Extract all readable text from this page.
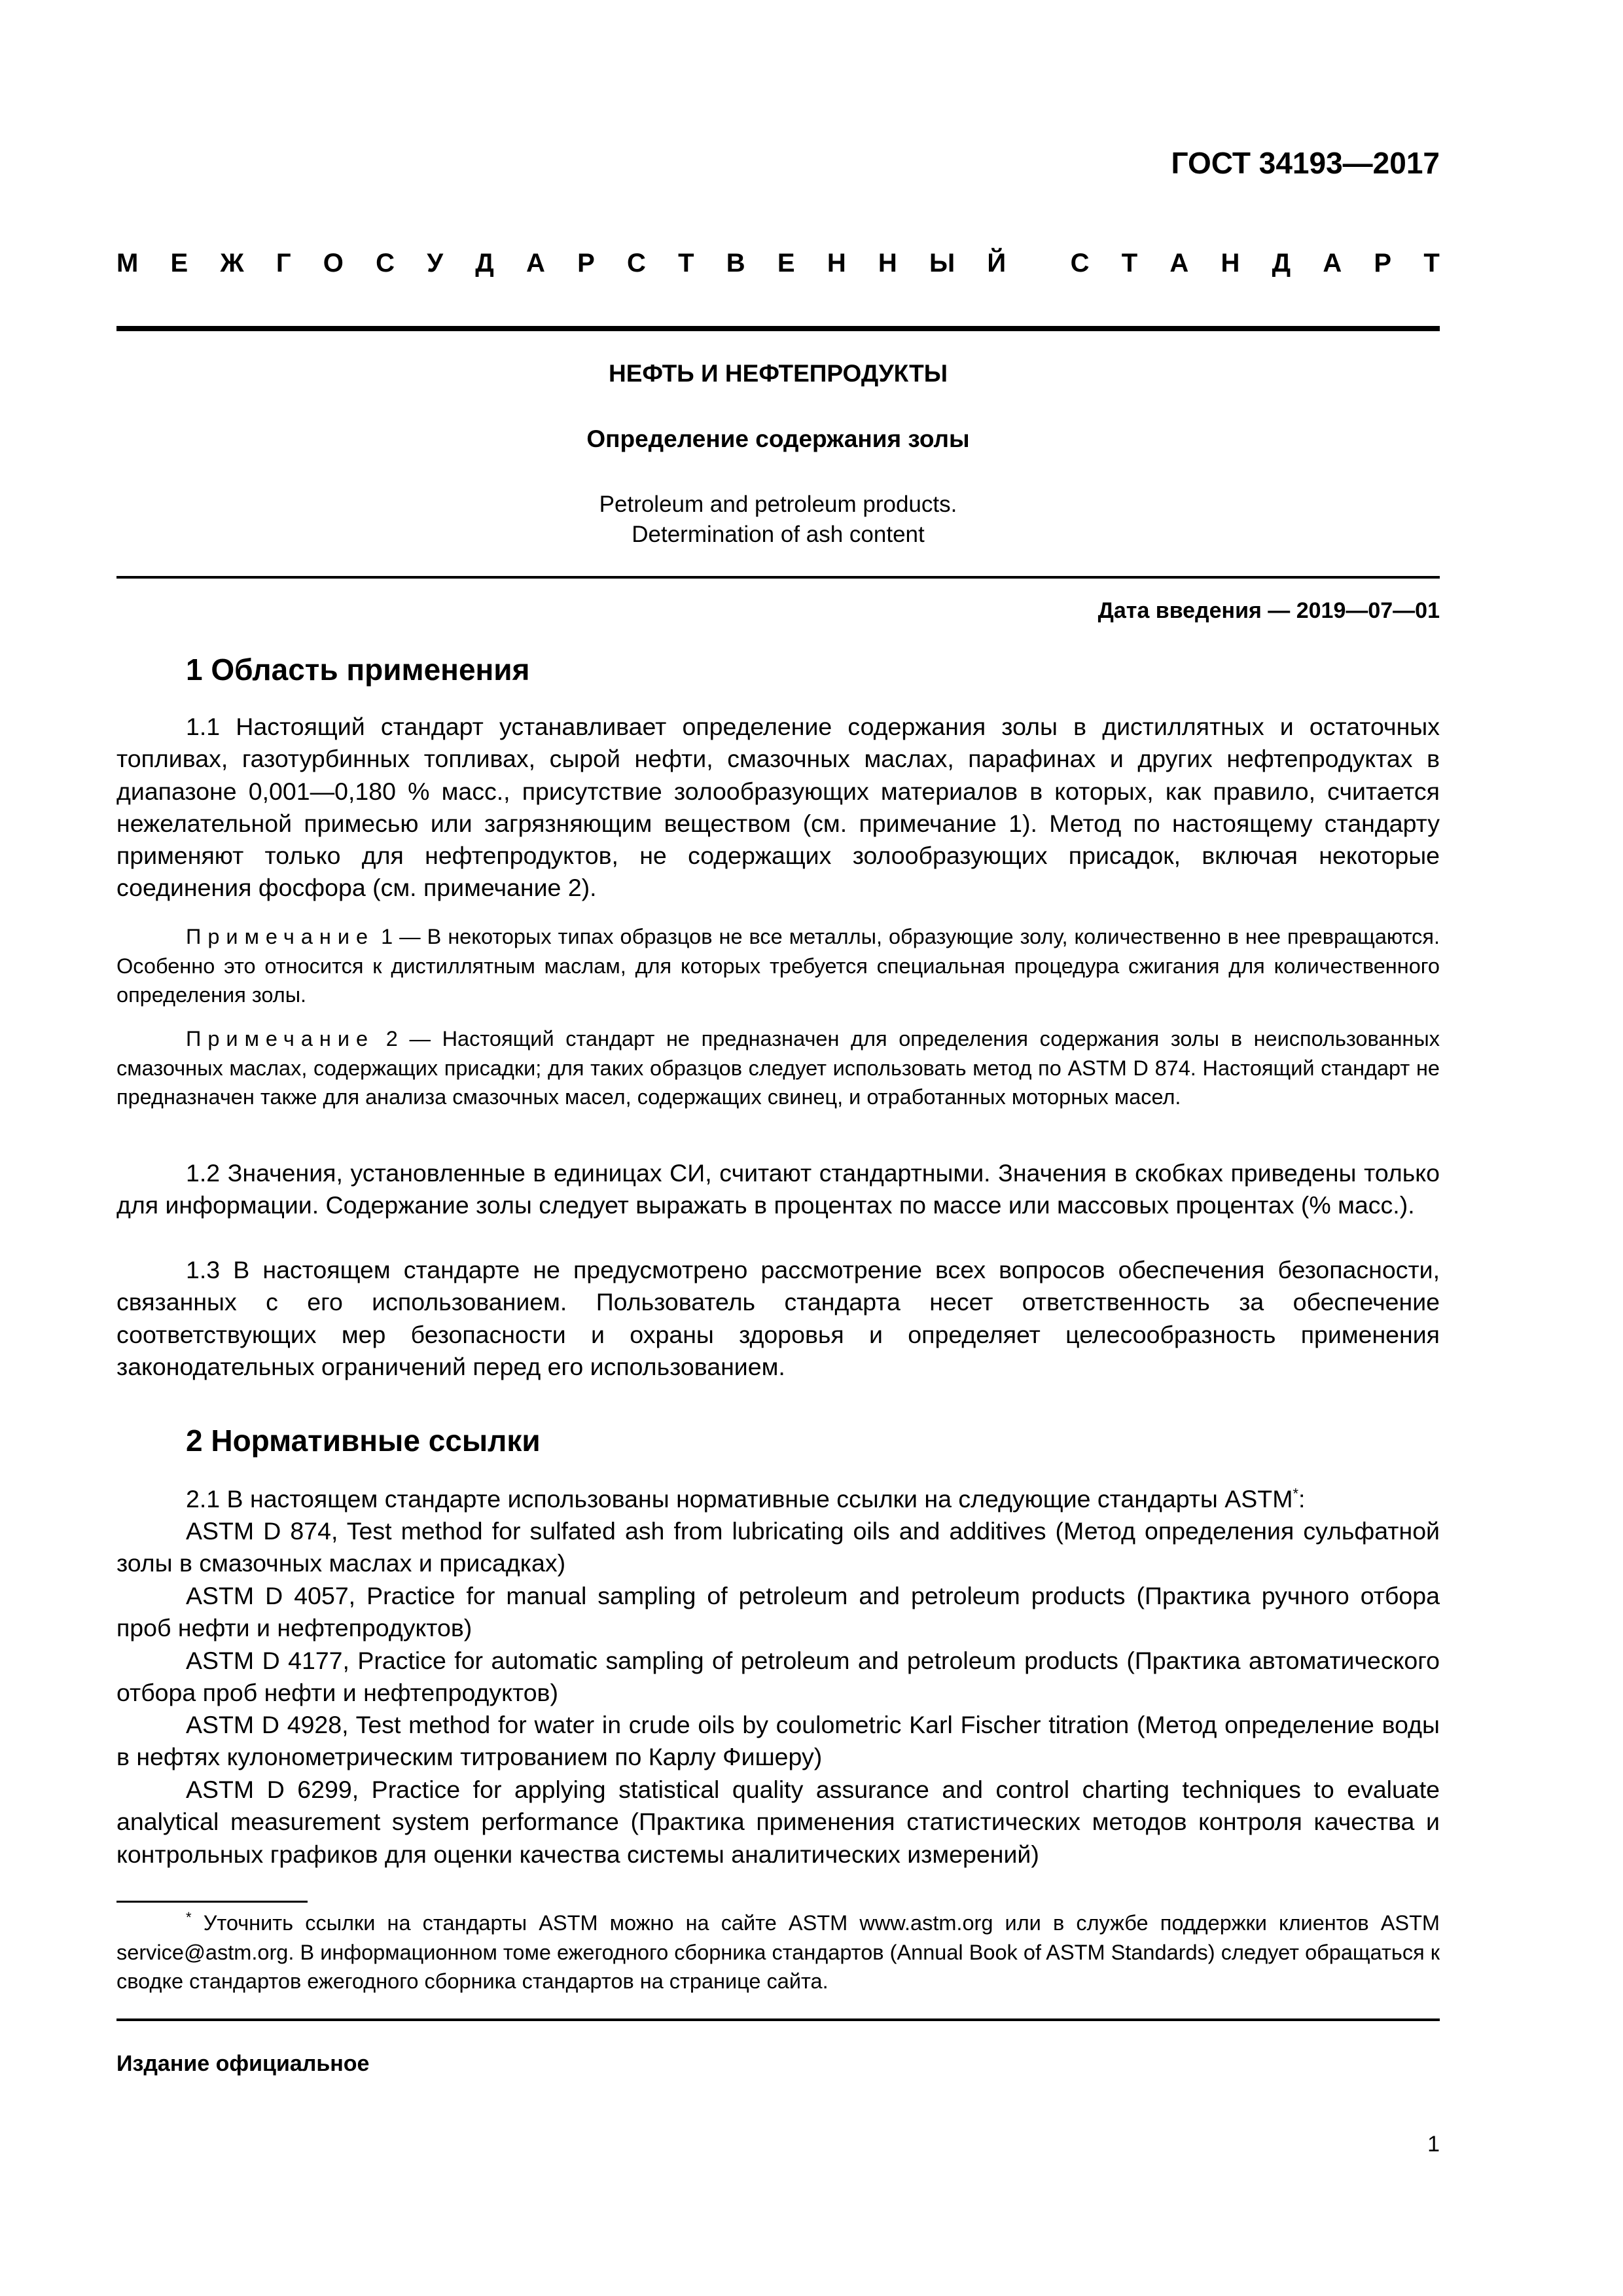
ГОСТ 34193—2017
М Е Ж Г О С У Д А Р С Т В Е Н Н Ы Й С Т А Н Д А Р Т
НЕФТЬ И НЕФТЕПРОДУКТЫ
Определение содержания золы
Petroleum and petroleum products.
Determination of ash content
Дата введения — 2019—07—01
1 Область применения

1.1 Настоящий стандарт устанавливает определение содержания золы в дистиллятных и остаточных топливах, газотурбинных топливах, сырой нефти, смазочных маслах, парафинах и других нефтепродуктах в диапазоне 0,001—0,180 % масс., присутствие золообразующих материалов в которых, как правило, считается нежелательной примесью или загрязняющим веществом (см. примечание 1). Метод по настоящему стандарту применяют только для нефтепродуктов, не содержащих золообразующих присадок, включая некоторые соединения фосфора (см. примечание 2).

Примечание 1 — В некоторых типах образцов не все металлы, образующие золу, количественно в нее превращаются. Особенно это относится к дистиллятным маслам, для которых требуется специальная процедура сжигания для количественного определения золы.

Примечание 2 — Настоящий стандарт не предназначен для определения содержания золы в неиспользованных смазочных маслах, содержащих присадки; для таких образцов следует использовать метод по ASTM D 874. Настоящий стандарт не предназначен также для анализа смазочных масел, содержащих свинец, и отработанных моторных масел.

1.2 Значения, установленные в единицах СИ, считают стандартными. Значения в скобках приведены только для информации. Содержание золы следует выражать в процентах по массе или массовых процентах (% масс.).

1.3 В настоящем стандарте не предусмотрено рассмотрение всех вопросов обеспечения безопасности, связанных с его использованием. Пользователь стандарта несет ответственность за обеспечение соответствующих мер безопасности и охраны здоровья и определяет целесообразность применения законодательных ограничений перед его использованием.

2 Нормативные ссылки

2.1 В настоящем стандарте использованы нормативные ссылки на следующие стандарты ASTM*:

ASTM D 874, Test method for sulfated ash from lubricating oils and additives (Метод определения сульфатной золы в смазочных маслах и присадках)

ASTM D 4057, Practice for manual sampling of petroleum and petroleum products (Практика ручного отбора проб нефти и нефтепродуктов)

ASTM D 4177, Practice for automatic sampling of petroleum and petroleum products (Практика автоматического отбора проб нефти и нефтепродуктов)

ASTM D 4928, Test method for water in crude oils by coulometric Karl Fischer titration (Метод определение воды в нефтях кулонометрическим титрованием по Карлу Фишеру)

ASTM D 6299, Practice for applying statistical quality assurance and control charting techniques to evaluate analytical measurement system performance (Практика применения статистических методов контроля качества и контрольных графиков для оценки качества системы аналитических измерений)

* Уточнить ссылки на стандарты ASTM можно на сайте ASTM www.astm.org или в службе поддержки клиентов ASTM service@astm.org. В информационном томе ежегодного сборника стандартов (Annual Book of ASTM Standards) следует обращаться к сводке стандартов ежегодного сборника стандартов на странице сайта.

Издание официальное
1
